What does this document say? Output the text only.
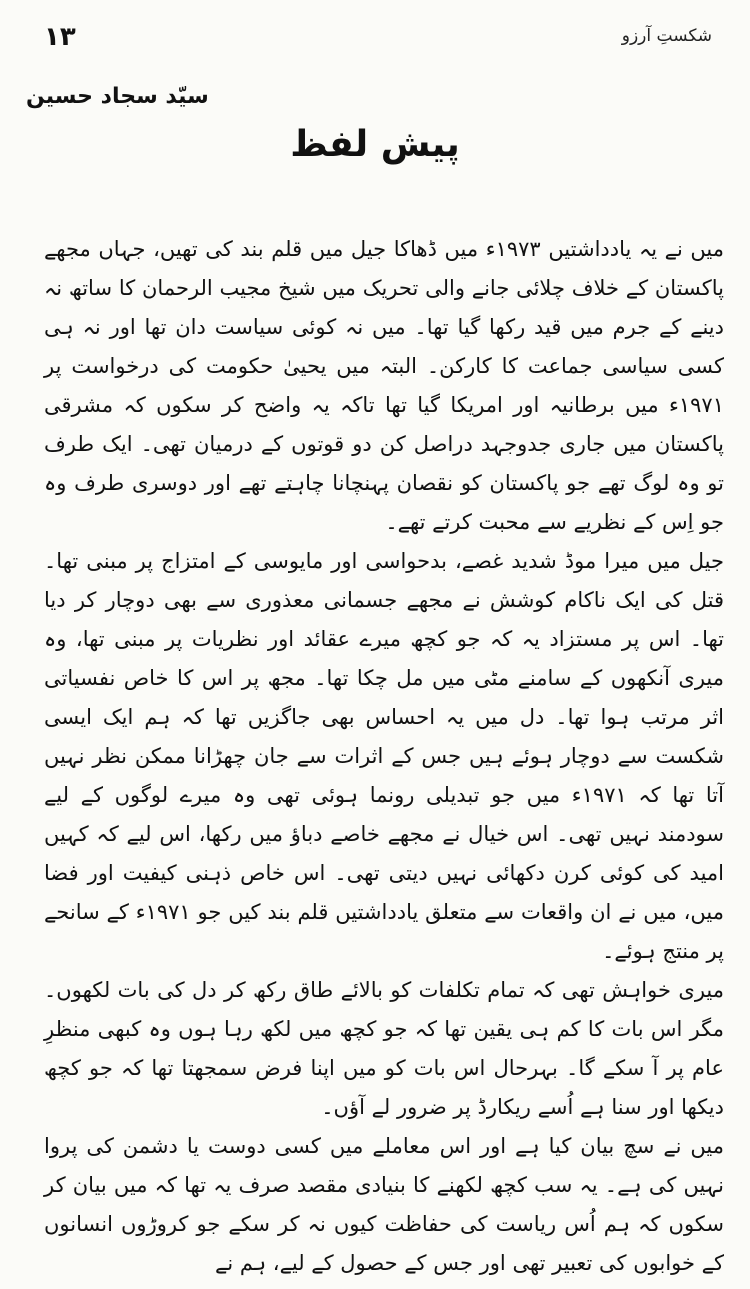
شکستِ آرزو
۱۳
سیّد سجاد حسین
پیش لفظ

میں نے یہ یادداشتیں ۱۹۷۳ء میں ڈھاکا جیل میں قلم بند کی تھیں، جہاں مجھے پاکستان کے خلاف چلائی جانے والی تحریک میں شیخ مجیب الرحمان کا ساتھ نہ دینے کے جرم میں قید رکھا گیا تھا۔ میں نہ کوئی سیاست دان تھا اور نہ ہی کسی سیاسی جماعت کا کارکن۔ البتہ میں یحییٰ حکومت کی درخواست پر ۱۹۷۱ء میں برطانیہ اور امریکا گیا تھا تاکہ یہ واضح کر سکوں کہ مشرقی پاکستان میں جاری جدوجہد دراصل کن دو قوتوں کے درمیان تھی۔ ایک طرف تو وہ لوگ تھے جو پاکستان کو نقصان پہنچانا چاہتے تھے اور دوسری طرف وہ جو اِس کے نظریے سے محبت کرتے تھے۔

جیل میں میرا موڈ شدید غصے، بدحواسی اور مایوسی کے امتزاج پر مبنی تھا۔ قتل کی ایک ناکام کوشش نے مجھے جسمانی معذوری سے بھی دوچار کر دیا تھا۔ اس پر مستزاد یہ کہ جو کچھ میرے عقائد اور نظریات پر مبنی تھا، وہ میری آنکھوں کے سامنے مٹی میں مل چکا تھا۔ مجھ پر اس کا خاص نفسیاتی اثر مرتب ہوا تھا۔ دل میں یہ احساس بھی جاگزیں تھا کہ ہم ایک ایسی شکست سے دوچار ہوئے ہیں جس کے اثرات سے جان چھڑانا ممکن نظر نہیں آتا تھا کہ ۱۹۷۱ء میں جو تبدیلی رونما ہوئی تھی وہ میرے لوگوں کے لیے سودمند نہیں تھی۔ اس خیال نے مجھے خاصے دباؤ میں رکھا، اس لیے کہ کہیں امید کی کوئی کرن دکھائی نہیں دیتی تھی۔ اس خاص ذہنی کیفیت اور فضا میں، میں نے ان واقعات سے متعلق یادداشتیں قلم بند کیں جو ۱۹۷۱ء کے سانحے پر منتج ہوئے۔

میری خواہش تھی کہ تمام تکلفات کو بالائے طاق رکھ کر دل کی بات لکھوں۔ مگر اس بات کا کم ہی یقین تھا کہ جو کچھ میں لکھ رہا ہوں وہ کبھی منظرِ عام پر آ سکے گا۔ بہرحال اس بات کو میں اپنا فرض سمجھتا تھا کہ جو کچھ دیکھا اور سنا ہے اُسے ریکارڈ پر ضرور لے آؤں۔

میں نے سچ بیان کیا ہے اور اس معاملے میں کسی دوست یا دشمن کی پروا نہیں کی ہے۔ یہ سب کچھ لکھنے کا بنیادی مقصد صرف یہ تھا کہ میں بیان کر سکوں کہ ہم اُس ریاست کی حفاظت کیوں نہ کر سکے جو کروڑوں انسانوں کے خوابوں کی تعبیر تھی اور جس کے حصول کے لیے، ہم نے
